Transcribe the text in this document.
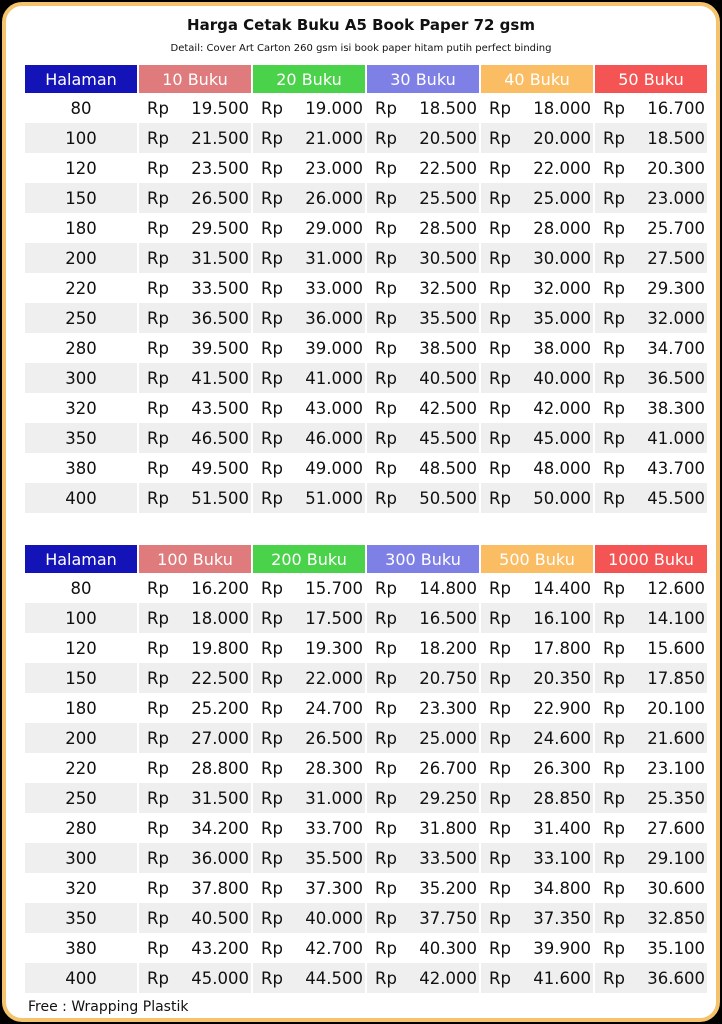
Harga Cetak Buku A5 Book Paper 72 gsm
Detail: Cover Art Carton 260 gsm isi book paper hitam putih perfect binding
Halaman	10 Buku	20 Buku	30 Buku	40 Buku	50 Buku
80	Rp 19.500	Rp 19.000	Rp 18.500	Rp 18.000	Rp 16.700

100	Rp 21.500	Rp 21.000	Rp 20.500	Rp 20.000	Rp 18.500

120	Rp 23.500	Rp 23.000	Rp 22.500	Rp 22.000	Rp 20.300

150	Rp 26.500	Rp 26.000	Rp 25.500	Rp 25.000	Rp 23.000

180	Rp 29.500	Rp 29.000	Rp 28.500	Rp 28.000	Rp 25.700

200	Rp 31.500	Rp 31.000	Rp 30.500	Rp 30.000	Rp 27.500

220	Rp 33.500	Rp 33.000	Rp 32.500	Rp 32.000	Rp 29.300

250	Rp 36.500	Rp 36.000	Rp 35.500	Rp 35.000	Rp 32.000

280	Rp 39.500	Rp 39.000	Rp 38.500	Rp 38.000	Rp 34.700

300	Rp 41.500	Rp 41.000	Rp 40.500	Rp 40.000	Rp 36.500

320	Rp 43.500	Rp 43.000	Rp 42.500	Rp 42.000	Rp 38.300

350	Rp 46.500	Rp 46.000	Rp 45.500	Rp 45.000	Rp 41.000

380	Rp 49.500	Rp 49.000	Rp 48.500	Rp 48.000	Rp 43.700

400	Rp 51.500	Rp 51.000	Rp 50.500	Rp 50.000	Rp 45.500
Halaman	100 Buku	200 Buku	300 Buku	500 Buku	1000 Buku
80	Rp 16.200	Rp 15.700	Rp 14.800	Rp 14.400	Rp 12.600

100	Rp 18.000	Rp 17.500	Rp 16.500	Rp 16.100	Rp 14.100

120	Rp 19.800	Rp 19.300	Rp 18.200	Rp 17.800	Rp 15.600

150	Rp 22.500	Rp 22.000	Rp 20.750	Rp 20.350	Rp 17.850

180	Rp 25.200	Rp 24.700	Rp 23.300	Rp 22.900	Rp 20.100

200	Rp 27.000	Rp 26.500	Rp 25.000	Rp 24.600	Rp 21.600

220	Rp 28.800	Rp 28.300	Rp 26.700	Rp 26.300	Rp 23.100

250	Rp 31.500	Rp 31.000	Rp 29.250	Rp 28.850	Rp 25.350

280	Rp 34.200	Rp 33.700	Rp 31.800	Rp 31.400	Rp 27.600

300	Rp 36.000	Rp 35.500	Rp 33.500	Rp 33.100	Rp 29.100

320	Rp 37.800	Rp 37.300	Rp 35.200	Rp 34.800	Rp 30.600

350	Rp 40.500	Rp 40.000	Rp 37.750	Rp 37.350	Rp 32.850

380	Rp 43.200	Rp 42.700	Rp 40.300	Rp 39.900	Rp 35.100

400	Rp 45.000	Rp 44.500	Rp 42.000	Rp 41.600	Rp 36.600
Free : Wrapping Plastik
